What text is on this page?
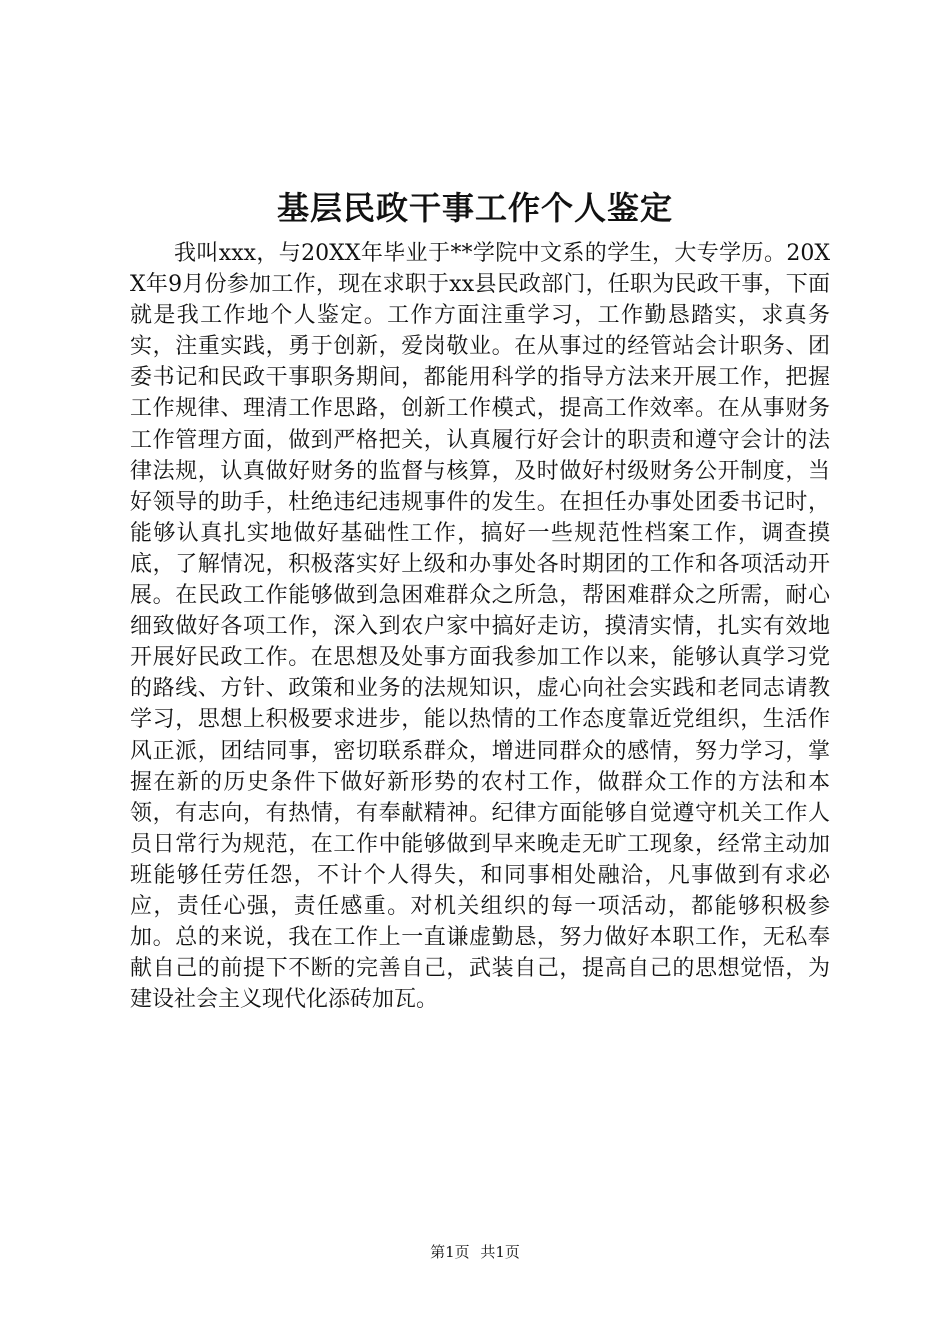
基层民政干事工作个人鉴定

我叫xxx，与20XX年毕业于**学院中文系的学生，大专学历。20XX年9月份参加工作，现在求职于xx县民政部门，任职为民政干事，下面就是我工作地个人鉴定。工作方面注重学习，工作勤恳踏实，求真务实，注重实践，勇于创新，爱岗敬业。在从事过的经管站会计职务、团委书记和民政干事职务期间，都能用科学的指导方法来开展工作，把握工作规律、理清工作思路，创新工作模式，提高工作效率。在从事财务工作管理方面，做到严格把关，认真履行好会计的职责和遵守会计的法律法规，认真做好财务的监督与核算，及时做好村级财务公开制度，当好领导的助手，杜绝违纪违规事件的发生。在担任办事处团委书记时，能够认真扎实地做好基础性工作，搞好一些规范性档案工作，调查摸底，了解情况，积极落实好上级和办事处各时期团的工作和各项活动开展。在民政工作能够做到急困难群众之所急，帮困难群众之所需，耐心细致做好各项工作，深入到农户家中搞好走访，摸清实情，扎实有效地开展好民政工作。在思想及处事方面我参加工作以来，能够认真学习党的路线、方针、政策和业务的法规知识，虚心向社会实践和老同志请教学习，思想上积极要求进步，能以热情的工作态度靠近党组织，生活作风正派，团结同事，密切联系群众，增进同群众的感情，努力学习，掌握在新的历史条件下做好新形势的农村工作，做群众工作的方法和本领，有志向，有热情，有奉献精神。纪律方面能够自觉遵守机关工作人员日常行为规范，在工作中能够做到早来晚走无旷工现象，经常主动加班能够任劳任怨，不计个人得失，和同事相处融洽，凡事做到有求必应，责任心强，责任感重。对机关组织的每一项活动，都能够积极参加。总的来说，我在工作上一直谦虚勤恳，努力做好本职工作，无私奉献自己的前提下不断的完善自己，武装自己，提高自己的思想觉悟，为建设社会主义现代化添砖加瓦。

第1页 共1页
